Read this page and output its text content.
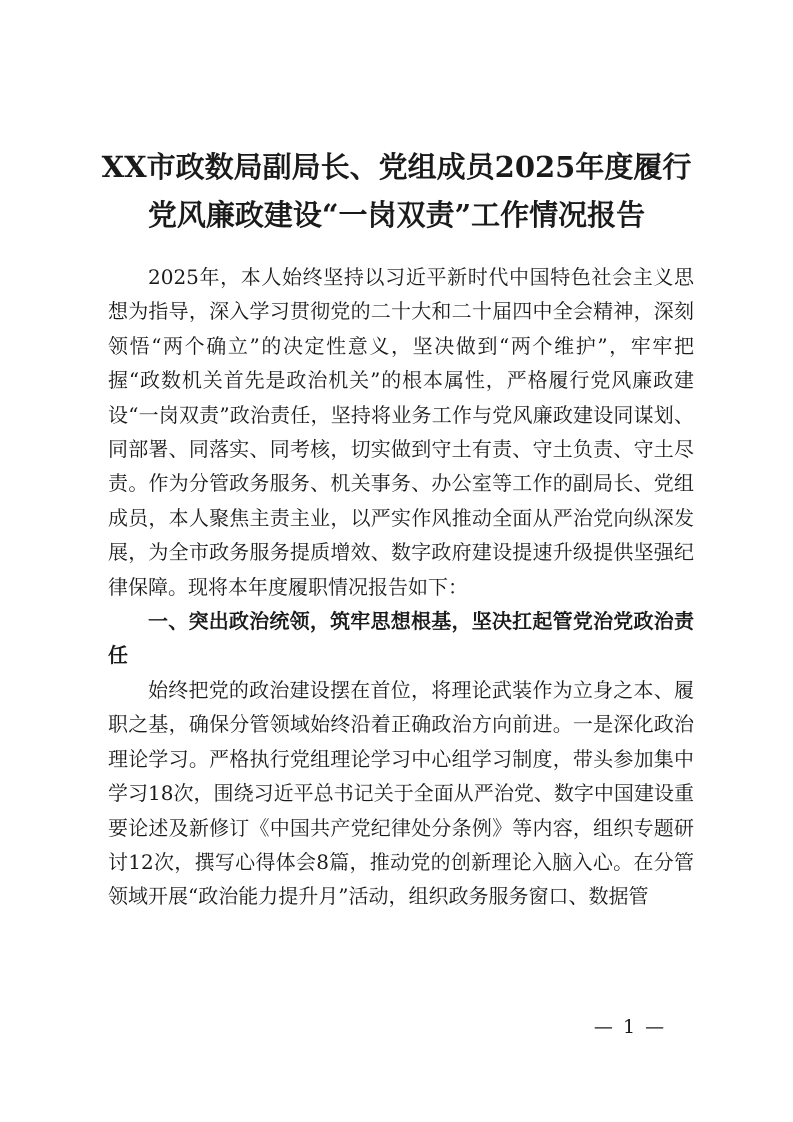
XX市政数局副局长、党组成员2025年度履行
党风廉政建设“一岗双责”工作情况报告

2025年，本人始终坚持以习近平新时代中国特色社会主义思想为指导，深入学习贯彻党的二十大和二十届四中全会精神，深刻领悟“两个确立”的决定性意义，坚决做到“两个维护”，牢牢把握“政数机关首先是政治机关”的根本属性，严格履行党风廉政建设“一岗双责”政治责任，坚持将业务工作与党风廉政建设同谋划、同部署、同落实、同考核，切实做到守土有责、守土负责、守土尽责。作为分管政务服务、机关事务、办公室等工作的副局长、党组成员，本人聚焦主责主业，以严实作风推动全面从严治党向纵深发展，为全市政务服务提质增效、数字政府建设提速升级提供坚强纪律保障。现将本年度履职情况报告如下：

一、突出政治统领，筑牢思想根基，坚决扛起管党治党政治责任

始终把党的政治建设摆在首位，将理论武装作为立身之本、履职之基，确保分管领域始终沿着正确政治方向前进。一是深化政治理论学习。严格执行党组理论学习中心组学习制度，带头参加集中学习18次，围绕习近平总书记关于全面从严治党、数字中国建设重要论述及新修订《中国共产党纪律处分条例》等内容，组织专题研讨12次，撰写心得体会8篇，推动党的创新理论入脑入心。在分管领域开展“政治能力提升月”活动，组织政务服务窗口、数据管

— 1 —
